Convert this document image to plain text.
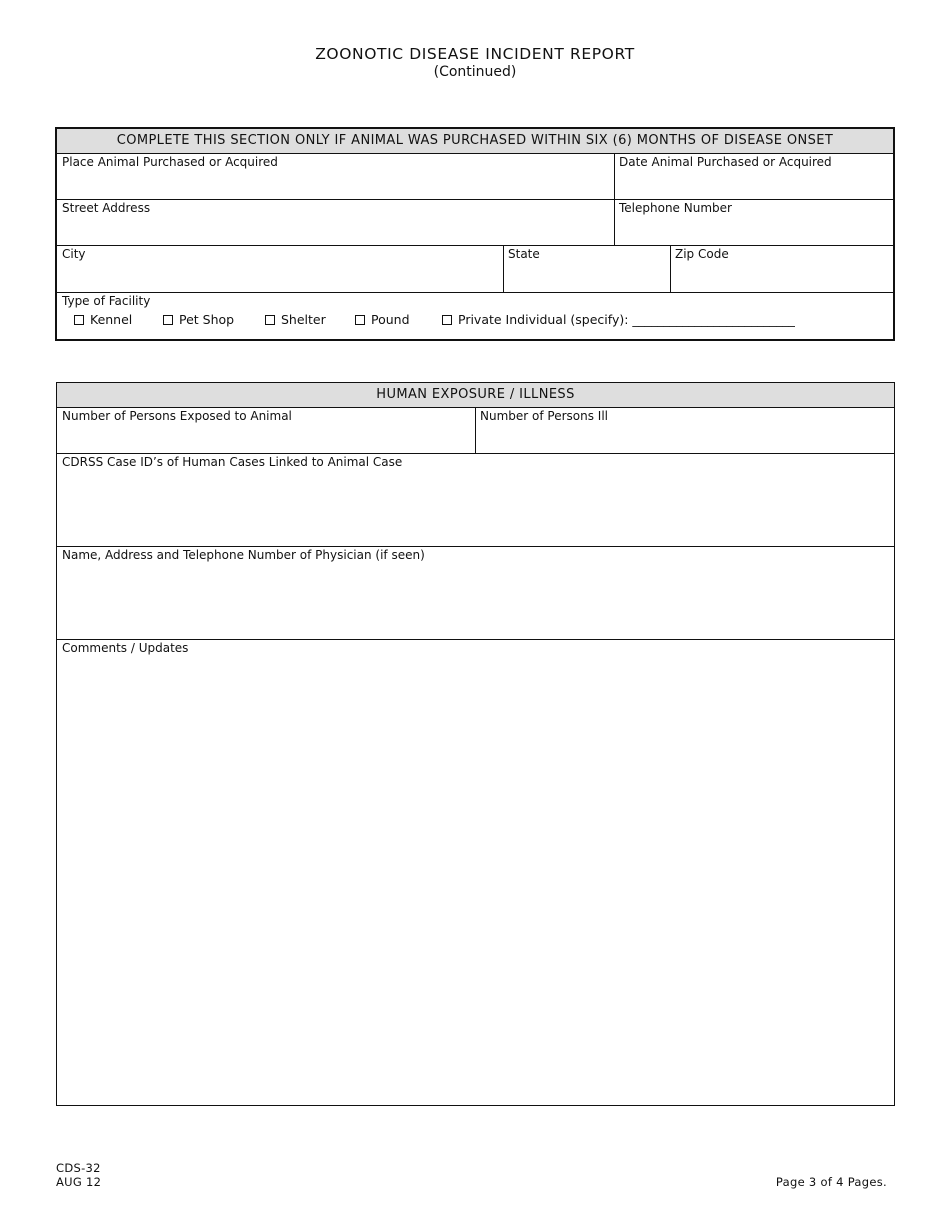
ZOONOTIC DISEASE INCIDENT REPORT
(Continued)
COMPLETE THIS SECTION ONLY IF ANIMAL WAS PURCHASED WITHIN SIX (6) MONTHS OF DISEASE ONSET
Place Animal Purchased or Acquired	Date Animal Purchased or Acquired
Street Address	Telephone Number
City	State	Zip Code
Type of Facility
Kennel	Pet Shop	Shelter	Pound	Private Individual (specify): __________________________
HUMAN EXPOSURE / ILLNESS
Number of Persons Exposed to Animal	Number of Persons Ill
CDRSS Case ID’s of Human Cases Linked to Animal Case
Name, Address and Telephone Number of Physician (if seen)
Comments / Updates
CDS-32
AUG 12	Page 3 of 4 Pages.
